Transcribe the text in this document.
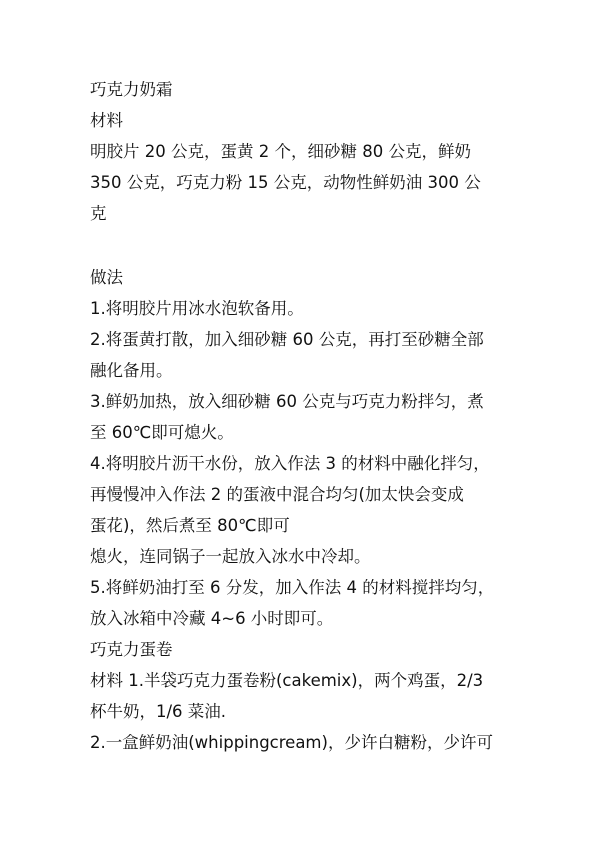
巧克力奶霜
材料
明胶片 20 公克，蛋黄 2 个，细砂糖 80 公克，鲜奶
350 公克，巧克力粉 15 公克，动物性鲜奶油 300 公
克
做法
1.将明胶片用冰水泡软备用。
2.将蛋黄打散，加入细砂糖 60 公克，再打至砂糖全部
融化备用。
3.鲜奶加热，放入细砂糖 60 公克与巧克力粉拌匀，煮
至 60℃即可熄火。
4.将明胶片沥干水份，放入作法 3 的材料中融化拌匀，
再慢慢冲入作法 2 的蛋液中混合均匀(加太快会变成
蛋花)，然后煮至 80℃即可
熄火，连同锅子一起放入冰水中冷却。
5.将鲜奶油打至 6 分发，加入作法 4 的材料搅拌均匀，
放入冰箱中冷藏 4~6 小时即可。
巧克力蛋卷
材料 1.半袋巧克力蛋卷粉(cakemix)，两个鸡蛋，2/3
杯牛奶，1/6 菜油.
2.一盒鲜奶油(whippingcream)，少许白糖粉，少许可
